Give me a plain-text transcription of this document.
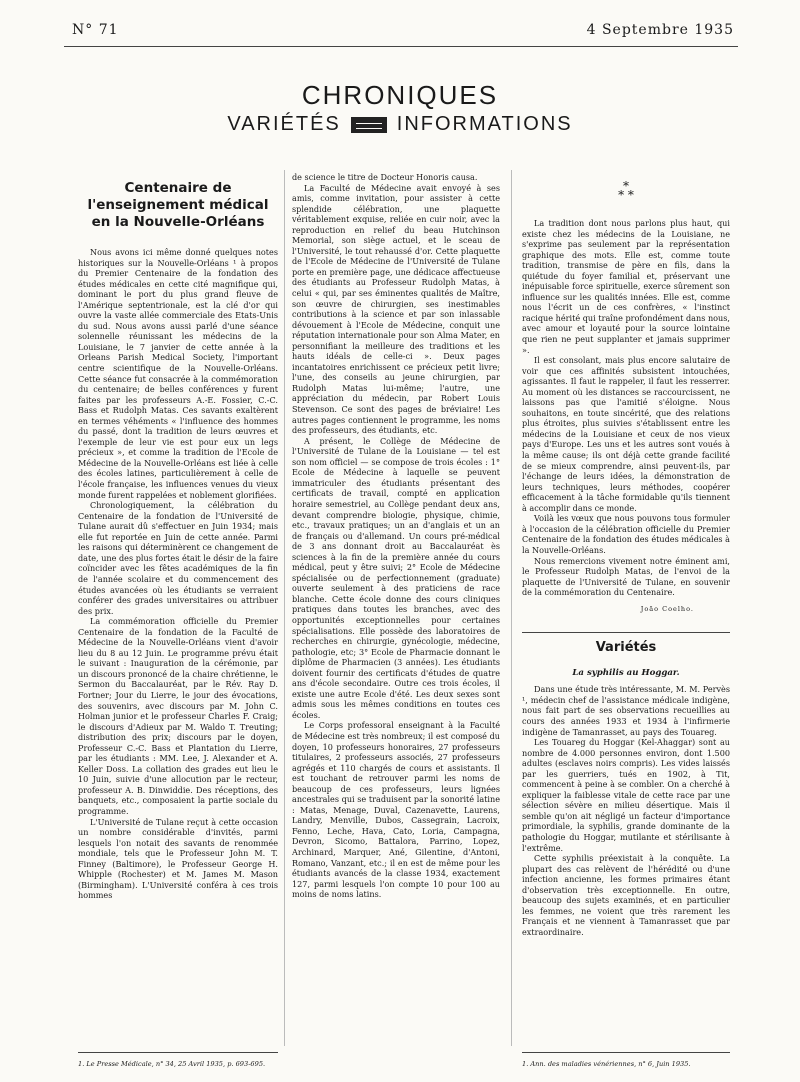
N° 71	4 Septembre 1935
CHRONIQUES
VARIÉTÉS	INFORMATIONS
Centenaire de l'enseignement médical en la Nouvelle-Orléans

Nous avons ici même donné quelques notes historiques sur la Nouvelle-Orléans ¹ à propos du Premier Centenaire de la fondation des études médicales en cette cité magnifique qui, dominant le port du plus grand fleuve de l'Amérique septentrionale, est la clé d'or qui ouvre la vaste allée commerciale des Etats-Unis du sud. Nous avons aussi parlé d'une séance solennelle réunissant les médecins de la Louisiane, le 7 janvier de cette année à la Orleans Parish Medical Society, l'important centre scientifique de la Nouvelle-Orléans. Cette séance fut consacrée à la commémoration du centenaire; de belles conférences y furent faites par les professeurs A.-E. Fossier, C.-C. Bass et Rudolph Matas. Ces savants exaltèrent en termes véhéments « l'influence des hommes du passé, dont la tradition de leurs œuvres et l'exemple de leur vie est pour eux un legs précieux », et comme la tradition de l'Ecole de Médecine de la Nouvelle-Orléans est liée à celle des écoles latines, particulièrement à celle de l'école française, les influences venues du vieux monde furent rappelées et noblement glorifiées.

Chronologiquement, la célébration du Centenaire de la fondation de l'Université de Tulane aurait dû s'effectuer en Juin 1934; mais elle fut reportée en Juin de cette année. Parmi les raisons qui déterminèrent ce changement de date, une des plus fortes était le désir de la faire coïncider avec les fêtes académiques de la fin de l'année scolaire et du commencement des études avancées où les étudiants se verraient conférer des grades universitaires ou attribuer des prix.

La commémoration officielle du Premier Centenaire de la fondation de la Faculté de Médecine de la Nouvelle-Orléans vient d'avoir lieu du 8 au 12 Juin. Le programme prévu était le suivant : Inauguration de la cérémonie, par un discours prononcé de la chaire chrétienne, le Sermon du Baccalauréat, par le Rév. Ray D. Fortner; Jour du Lierre, le jour des évocations, des souvenirs, avec discours par M. John C. Holman junior et le professeur Charles F. Craig; le discours d'Adieux par M. Waldo T. Treuting; distribution des prix; discours par le doyen, Professeur C.-C. Bass et Plantation du Lierre, par les étudiants : MM. Lee, J. Alexander et A. Keller Doss. La collation des grades eut lieu le 10 Juin, suivie d'une allocution par le recteur, professeur A. B. Dinwiddie. Des réceptions, des banquets, etc., composaient la partie sociale du programme.

L'Université de Tulane reçut à cette occasion un nombre considérable d'invités, parmi lesquels l'on notait des savants de renommée mondiale, tels que le Professeur John M. T. Finney (Baltimore), le Professeur George H. Whipple (Rochester) et M. James M. Mason (Birmingham). L'Université conféra à ces trois hommes

de science le titre de Docteur Honoris causa.

La Faculté de Médecine avait envoyé à ses amis, comme invitation, pour assister à cette splendide célébration, une plaquette véritablement exquise, reliée en cuir noir, avec la reproduction en relief du beau Hutchinson Memorial, son siège actuel, et le sceau de l'Université, le tout rehaussé d'or. Cette plaquette de l'Ecole de Médecine de l'Université de Tulane porte en première page, une dédicace affectueuse des étudiants au Professeur Rudolph Matas, à celui « qui, par ses éminentes qualités de Maître, son œuvre de chirurgien, ses inestimables contributions à la science et par son inlassable dévouement à l'Ecole de Médecine, conquit une réputation internationale pour son Alma Mater, en personnifiant la meilleure des traditions et les hauts idéals de celle-ci ». Deux pages incantatoires enrichissent ce précieux petit livre; l'une, des conseils au jeune chirurgien, par Rudolph Matas lui-même; l'autre, une appréciation du médecin, par Robert Louis Stevenson. Ce sont des pages de bréviaire! Les autres pages contiennent le programme, les noms des professeurs, des étudiants, etc.

A présent, le Collège de Médecine de l'Université de Tulane de la Louisiane — tel est son nom officiel — se compose de trois écoles : 1° Ecole de Médecine à laquelle se peuvent immatriculer des étudiants présentant des certificats de travail, compté en application horaire semestriel, au Collège pendant deux ans, devant comprendre biologie, physique, chimie, etc., travaux pratiques; un an d'anglais et un an de français ou d'allemand. Un cours pré-médical de 3 ans donnant droit au Baccalauréat ès sciences à la fin de la première année du cours médical, peut y être suivi; 2° Ecole de Médecine spécialisée ou de perfectionnement (graduate) ouverte seulement à des praticiens de race blanche. Cette école donne des cours cliniques pratiques dans toutes les branches, avec des opportunités exceptionnelles pour certaines spécialisations. Elle possède des laboratoires de recherches en chirurgie, gynécologie, médecine, pathologie, etc; 3° Ecole de Pharmacie donnant le diplôme de Pharmacien (3 années). Les étudiants doivent fournir des certificats d'études de quatre ans d'école secondaire. Outre ces trois écoles, il existe une autre Ecole d'été. Les deux sexes sont admis sous les mêmes conditions en toutes ces écoles.

Le Corps professoral enseignant à la Faculté de Médecine est très nombreux; il est composé du doyen, 10 professeurs honoraires, 27 professeurs titulaires, 2 professeurs associés, 27 professeurs agrégés et 110 chargés de cours et assistants. Il est touchant de retrouver parmi les noms de beaucoup de ces professeurs, leurs lignées ancestrales qui se traduisent par la sonorité latine : Matas, Menage, Duval, Cazenavette, Laurens, Landry, Menville, Dubos, Cassegrain, Lacroix, Fenno, Leche, Hava, Cato, Loria, Campagna, Devron, Sicomo, Battalora, Parrino, Lopez, Archinard, Marquer, Ané, Gilentine, d'Antoni, Romano, Vanzant, etc.; il en est de même pour les étudiants avancés de la classe 1934, exactement 127, parmi lesquels l'on compte 10 pour 100 au moins de noms latins.

*
* *

La tradition dont nous parlons plus haut, qui existe chez les médecins de la Louisiane, ne s'exprime pas seulement par la représentation graphique des mots. Elle est, comme toute tradition, transmise de père en fils, dans la quiétude du foyer familial et, préservant une inépuisable force spirituelle, exerce sûrement son influence sur les qualités innées. Elle est, comme nous l'écrit un de ces confrères, « l'instinct racique hérité qui traîne profondément dans nous, avec amour et loyauté pour la source lointaine que rien ne peut supplanter et jamais supprimer ».

Il est consolant, mais plus encore salutaire de voir que ces affinités subsistent intouchées, agissantes. Il faut le rappeler, il faut les resserrer. Au moment où les distances se raccourcissent, ne laissons pas que l'amitié s'éloigne. Nous souhaitons, en toute sincérité, que des relations plus étroites, plus suivies s'établissent entre les médecins de la Louisiane et ceux de nos vieux pays d'Europe. Les uns et les autres sont voués à la même cause; ils ont déjà cette grande facilité de se mieux comprendre, ainsi peuvent-ils, par l'échange de leurs idées, la démonstration de leurs techniques, leurs méthodes, coopérer efficacement à la tâche formidable qu'ils tiennent à accomplir dans ce monde.

Voilà les vœux que nous pouvons tous formuler à l'occasion de la célébration officielle du Premier Centenaire de la fondation des études médicales à la Nouvelle-Orléans.

Nous remercions vivement notre éminent ami, le Professeur Rudolph Matas, de l'envoi de la plaquette de l'Université de Tulane, en souvenir de la commémoration du Centenaire.

João Coelho.
Variétés
La syphilis au Hoggar.

Dans une étude très intéressante, M. M. Pervès ¹, médecin chef de l'assistance médicale indigène, nous fait part de ses observations recueillies au cours des années 1933 et 1934 à l'infirmerie indigène de Tamanrasset, au pays des Touareg.

Les Touareg du Hoggar (Kel-Ahaggar) sont au nombre de 4.000 personnes environ, dont 1.500 adultes (esclaves noirs compris). Les vides laissés par les guerriers, tués en 1902, à Tit, commencent à peine à se combler. On a cherché à expliquer la faiblesse vitale de cette race par une sélection sévère en milieu désertique. Mais il semble qu'on ait négligé un facteur d'importance primordiale, la syphilis, grande dominante de la pathologie du Hoggar, mutilante et stérilisante à l'extrême.

Cette syphilis préexistait à la conquête. La plupart des cas relèvent de l'hérédité ou d'une infection ancienne, les formes primaires étant d'observation très exceptionnelle. En outre, beaucoup des sujets examinés, et en particulier les femmes, ne voient que très rarement les Français et ne viennent à Tamanrasset que par extraordinaire.

1. Le Presse Médicale, n° 34, 25 Avril 1935, p. 693-695.	1. Ann. des maladies vénériennes, n° 6, Juin 1935.
